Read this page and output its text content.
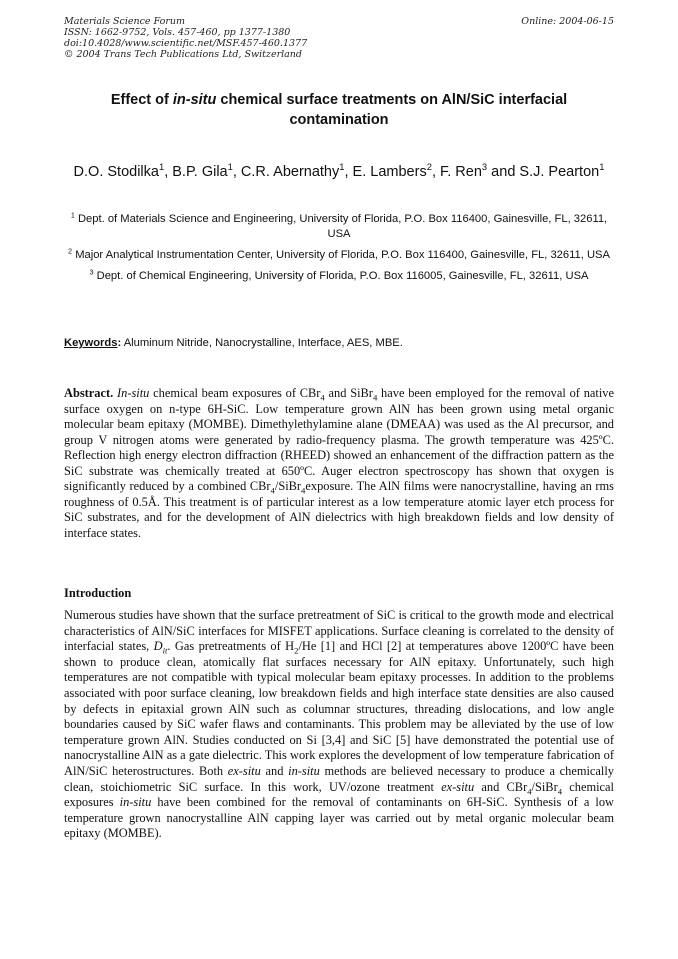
Materials Science Forum
ISSN: 1662-9752, Vols. 457-460, pp 1377-1380
doi:10.4028/www.scientific.net/MSF.457-460.1377
© 2004 Trans Tech Publications Ltd, Switzerland
Online: 2004-06-15
Effect of in-situ chemical surface treatments on AlN/SiC interfacial contamination
D.O. Stodilka$^1$, B.P. Gila$^1$, C.R. Abernathy$^1$, E. Lambers$^2$, F. Ren$^3$ and S.J. Pearton$^1$

$^1$ Dept. of Materials Science and Engineering, University of Florida, P.O. Box 116400, Gainesville, FL, 32611, USA

$^2$ Major Analytical Instrumentation Center, University of Florida, P.O. Box 116400, Gainesville, FL, 32611, USA

$^3$ Dept. of Chemical Engineering, University of Florida, P.O. Box 116005, Gainesville, FL, 32611, USA

Keywords: Aluminum Nitride, Nanocrystalline, Interface, AES, MBE.

Abstract. In-situ chemical beam exposures of CBr$_4$ and SiBr$_4$ have been employed for the removal of native surface oxygen on n-type 6H-SiC. Low temperature grown AlN has been grown using metal organic molecular beam epitaxy (MOMBE). Dimethylethylamine alane (DMEAA) was used as the Al precursor, and group V nitrogen atoms were generated by radio-frequency plasma. The growth temperature was 425ºC. Reflection high energy electron diffraction (RHEED) showed an enhancement of the diffraction pattern as the SiC substrate was chemically treated at 650ºC. Auger electron spectroscopy has shown that oxygen is significantly reduced by a combined CBr$_4$/SiBr$_4$exposure. The AlN films were nanocrystalline, having an rms roughness of 0.5Å. This treatment is of particular interest as a low temperature atomic layer etch process for SiC substrates, and for the development of AlN dielectrics with high breakdown fields and low density of interface states.

Introduction

Numerous studies have shown that the surface pretreatment of SiC is critical to the growth mode and electrical characteristics of AlN/SiC interfaces for MISFET applications. Surface cleaning is correlated to the density of interfacial states, $D_{it}$. Gas pretreatments of $H_2/He$ [1] and HCl [2] at temperatures above 1200ºC have been shown to produce clean, atomically flat surfaces necessary for AlN epitaxy. Unfortunately, such high temperatures are not compatible with typical molecular beam epitaxy processes. In addition to the problems associated with poor surface cleaning, low breakdown fields and high interface state densities are also caused by defects in epitaxial grown AlN such as columnar structures, threading dislocations, and low angle boundaries caused by SiC wafer flaws and contaminants. This problem may be alleviated by the use of low temperature grown AlN. Studies conducted on Si [3,4] and SiC [5] have demonstrated the potential use of nanocrystalline AlN as a gate dielectric. This work explores the development of low temperature fabrication of AlN/SiC heterostructures. Both ex-situ and in-situ methods are believed necessary to produce a chemically clean, stoichiometric SiC surface. In this work, UV/ozone treatment ex-situ and CBr$_4$/SiBr$_4$ chemical exposures in-situ have been combined for the removal of contaminants on 6H-SiC. Synthesis of a low temperature grown nanocrystalline AlN capping layer was carried out by metal organic molecular beam epitaxy (MOMBE).
